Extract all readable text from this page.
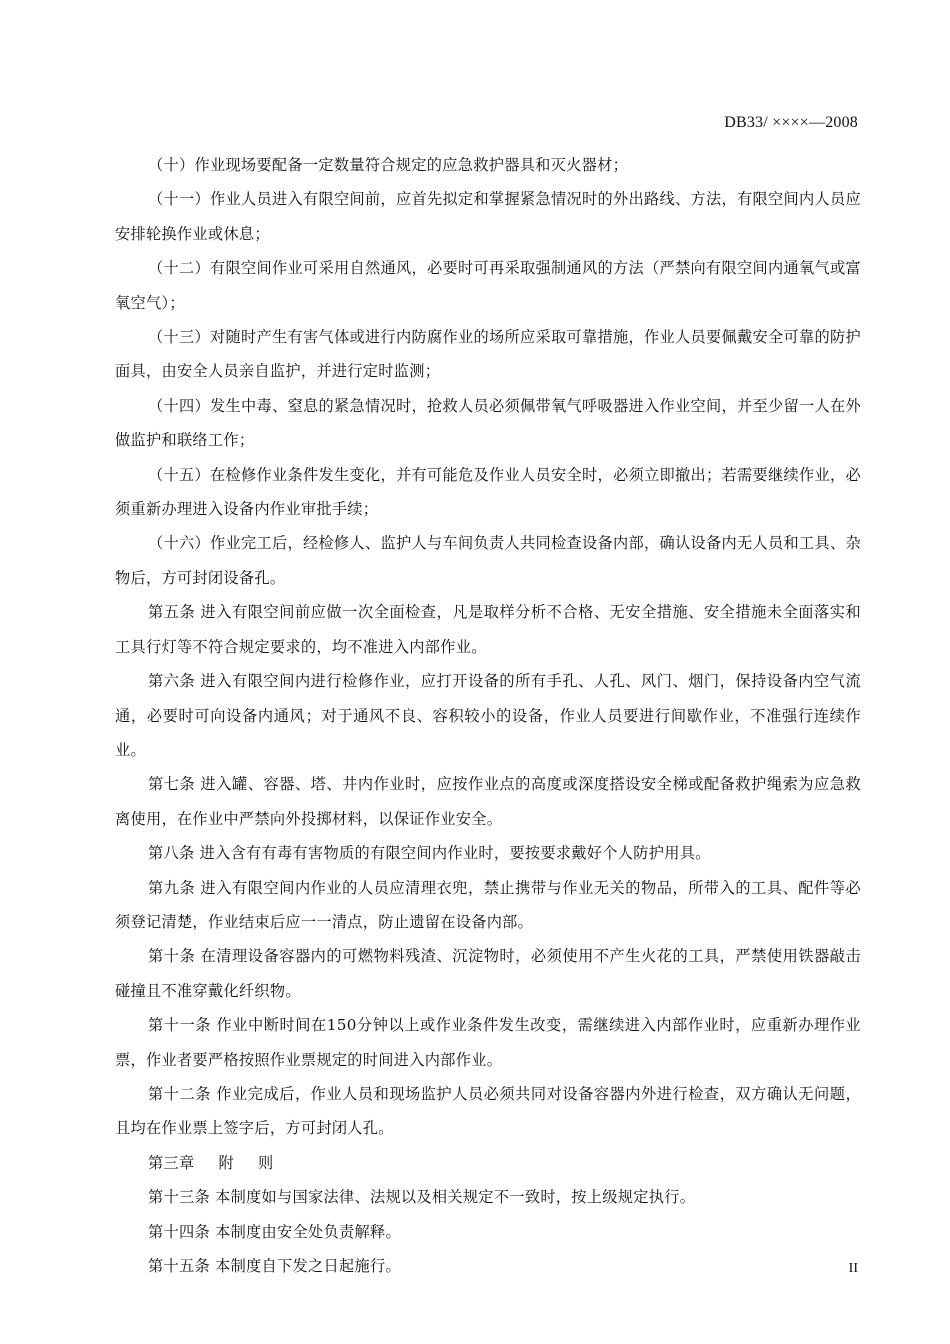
DB33/ ××××—2008

（十）作业现场要配备一定数量符合规定的应急救护器具和灭火器材；

（十一）作业人员进入有限空间前，应首先拟定和掌握紧急情况时的外出路线、方法，有限空间内人员应安排轮换作业或休息；

（十二）有限空间作业可采用自然通风，必要时可再采取强制通风的方法（严禁向有限空间内通氧气或富氧空气）；

（十三）对随时产生有害气体或进行内防腐作业的场所应采取可靠措施，作业人员要佩戴安全可靠的防护面具，由安全人员亲自监护，并进行定时监测；

（十四）发生中毒、窒息的紧急情况时，抢救人员必须佩带氧气呼吸器进入作业空间，并至少留一人在外做监护和联络工作；

（十五）在检修作业条件发生变化，并有可能危及作业人员安全时，必须立即撤出；若需要继续作业，必须重新办理进入设备内作业审批手续；

（十六）作业完工后，经检修人、监护人与车间负责人共同检查设备内部，确认设备内无人员和工具、杂物后，方可封闭设备孔。

第五条 进入有限空间前应做一次全面检查，凡是取样分析不合格、无安全措施、安全措施未全面落实和工具行灯等不符合规定要求的，均不准进入内部作业。

第六条 进入有限空间内进行检修作业，应打开设备的所有手孔、人孔、风门、烟门，保持设备内空气流通，必要时可向设备内通风；对于通风不良、容积较小的设备，作业人员要进行间歇作业，不准强行连续作业。

第七条 进入罐、容器、塔、井内作业时，应按作业点的高度或深度搭设安全梯或配备救护绳索为应急救离使用，在作业中严禁向外投掷材料，以保证作业安全。

第八条 进入含有有毒有害物质的有限空间内作业时，要按要求戴好个人防护用具。

第九条 进入有限空间内作业的人员应清理衣兜，禁止携带与作业无关的物品，所带入的工具、配件等必须登记清楚，作业结束后应一一清点，防止遗留在设备内部。

第十条 在清理设备容器内的可燃物料残渣、沉淀物时，必须使用不产生火花的工具，严禁使用铁器敲击碰撞且不准穿戴化纤织物。

第十一条 作业中断时间在150分钟以上或作业条件发生改变，需继续进入内部作业时，应重新办理作业票，作业者要严格按照作业票规定的时间进入内部作业。

第十二条 作业完成后，作业人员和现场监护人员必须共同对设备容器内外进行检查，双方确认无问题，且均在作业票上签字后，方可封闭人孔。

第三章 附 则

第十三条 本制度如与国家法律、法规以及相关规定不一致时，按上级规定执行。

第十四条 本制度由安全处负责解释。

第十五条 本制度自下发之日起施行。	II
